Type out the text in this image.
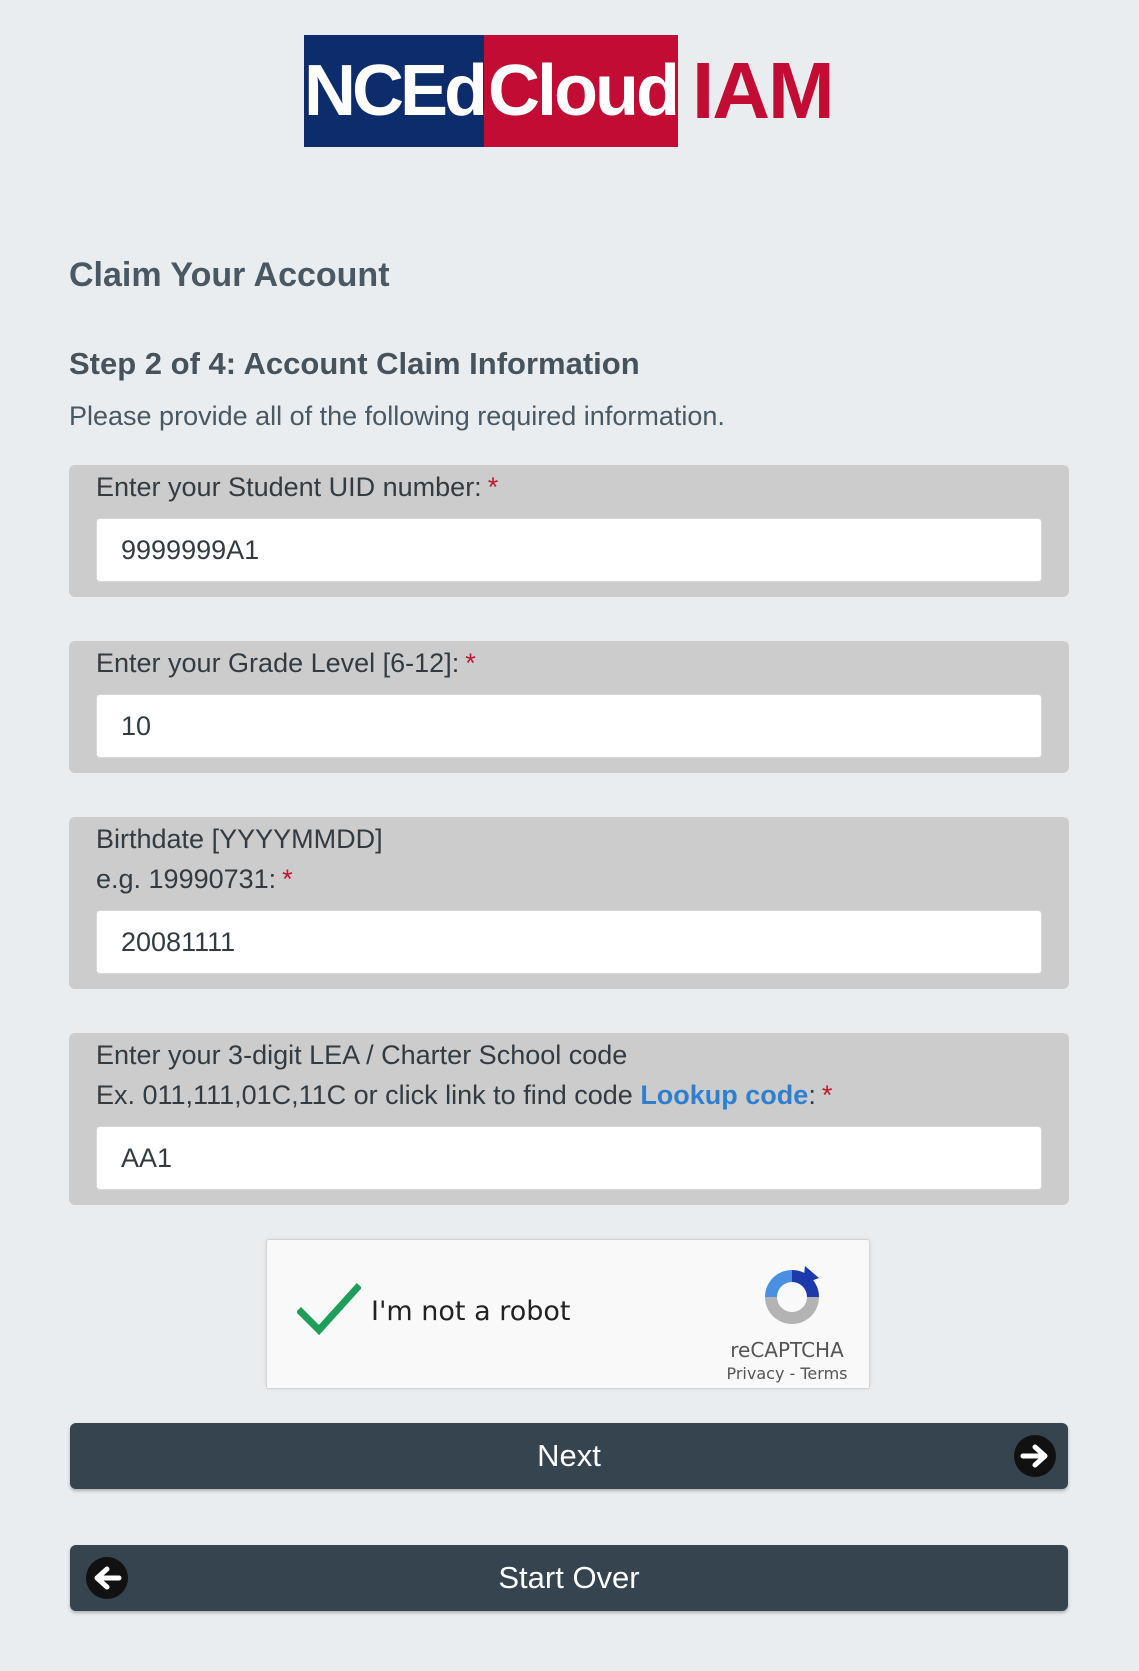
NCEd Cloud IAM
Claim Your Account
Step 2 of 4: Account Claim Information

Please provide all of the following required information.

Enter your Student UID number: *
9999999A1
Enter your Grade Level [6-12]: *
10
Birthdate [YYYYMMDD]
e.g. 19990731: *
20081111
Enter your 3-digit LEA / Charter School code
Ex. 011,111,01C,11C or click link to find code Lookup code: *
AA1
I'm not a robot
reCAPTCHA
Privacy - Terms
Next
Start Over
